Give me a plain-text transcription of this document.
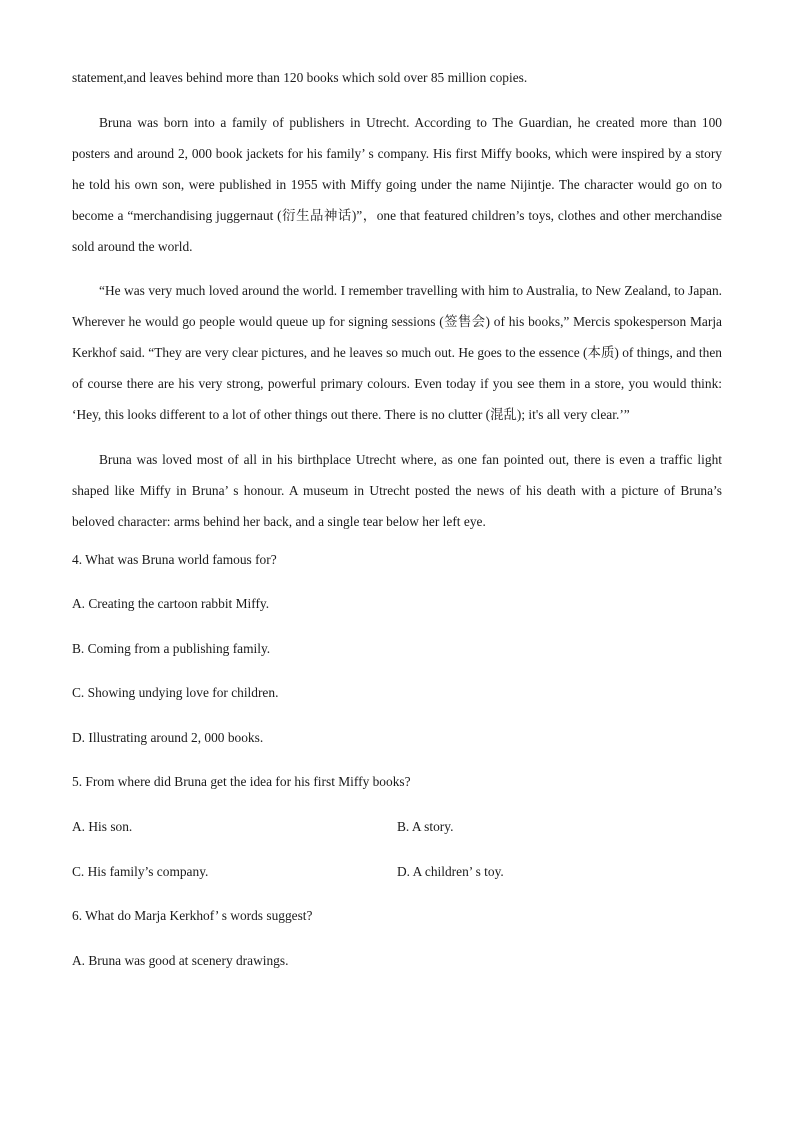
statement,and leaves behind more than 120 books which sold over 85 million copies.

Bruna was born into a family of publishers in Utrecht. According to The Guardian, he created more than 100 posters and around 2, 000 book jackets for his family’ s company. His first Miffy books, which were inspired by a story he told his own son, were published in 1955 with Miffy going under the name Nijintje. The character would go on to become a “merchandising juggernaut (衍生品神话)”，one that featured children’s toys, clothes and other merchandise sold around the world.

“He was very much loved around the world. I remember travelling with him to Australia, to New Zealand, to Japan. Wherever he would go people would queue up for signing sessions (签售会) of his books,” Mercis spokesperson Marja Kerkhof said. “They are very clear pictures, and he leaves so much out. He goes to the essence (本质) of things, and then of course there are his very strong, powerful primary colours. Even today if you see them in a store, you would think: ‘Hey, this looks different to a lot of other things out there. There is no clutter (混乱); it's all very clear.’”

Bruna was loved most of all in his birthplace Utrecht where, as one fan pointed out, there is even a traffic light shaped like Miffy in Bruna’ s honour. A museum in Utrecht posted the news of his death with a picture of Bruna’s beloved character: arms behind her back, and a single tear below her left eye.

4. What was Bruna world famous for?

A. Creating the cartoon rabbit Miffy.

B. Coming from a publishing family.

C. Showing undying love for children.

D. Illustrating around 2, 000 books.

5. From where did Bruna get the idea for his first Miffy books?

A. His son.	B. A story.
C. His family’s company.	D. A children’ s toy.

6. What do Marja Kerkhof’ s words suggest?

A. Bruna was good at scenery drawings.
